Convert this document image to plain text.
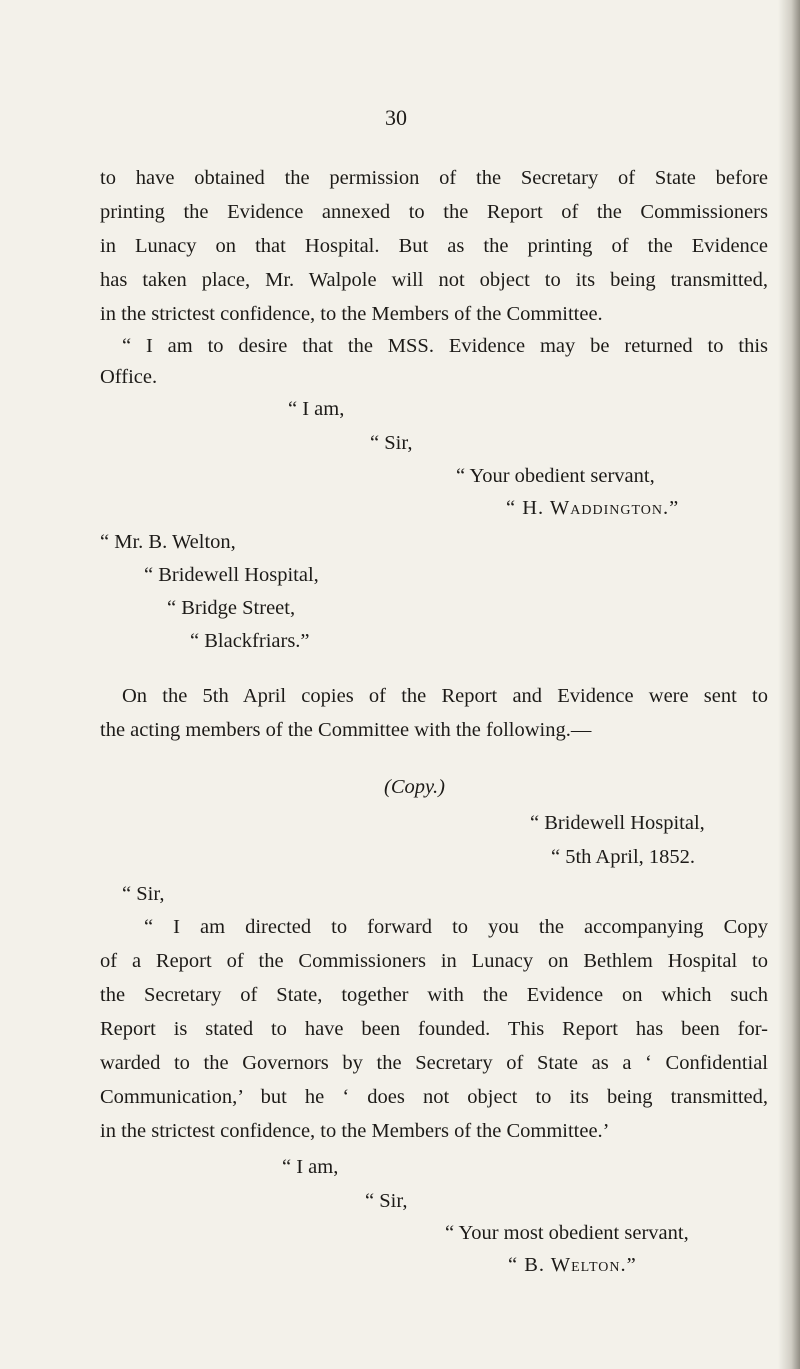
30
to have obtained the permission of the Secretary of State before
printing the Evidence annexed to the Report of the Commissioners
in Lunacy on that Hospital. But as the printing of the Evidence
has taken place, Mr. Walpole will not object to its being transmitted,
in the strictest confidence, to the Members of the Committee.
“ I am to desire that the MSS. Evidence may be returned to this
Office.
“ I am,
“ Sir,
“ Your obedient servant,
“ H. Waddington.”
“ Mr. B. Welton,
“ Bridewell Hospital,
“ Bridge Street,
“ Blackfriars.”
On the 5th April copies of the Report and Evidence were sent to
the acting members of the Committee with the following.—
(Copy.)
“ Bridewell Hospital,
“ 5th April, 1852.
“ Sir,
“ I am directed to forward to you the accompanying Copy
of a Report of the Commissioners in Lunacy on Bethlem Hospital to
the Secretary of State, together with the Evidence on which such
Report is stated to have been founded. This Report has been for-
warded to the Governors by the Secretary of State as a ‘ Confidential
Communication,’ but he ‘ does not object to its being transmitted,
in the strictest confidence, to the Members of the Committee.’
“ I am,
“ Sir,
“ Your most obedient servant,
“ B. Welton.”
